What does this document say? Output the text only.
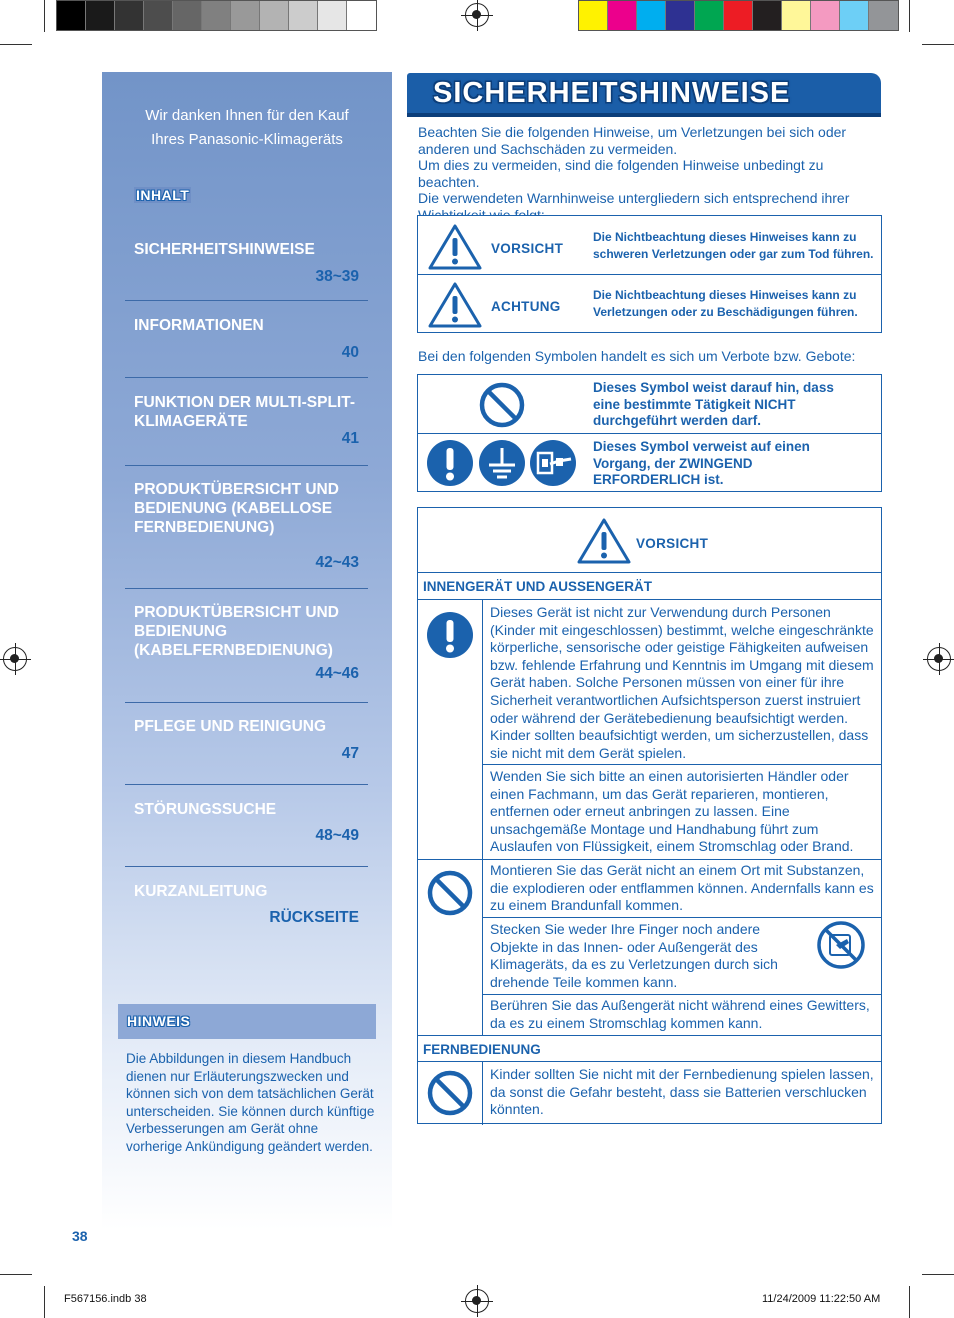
Wir danken Ihnen für den Kauf
Ihres Panasonic-Klimageräts
INHALT
SICHERHEITSHINWEISE
38~39
INFORMATIONEN
40
FUNKTION DER MULTI-SPLIT-KLIMAGERÄTE
41
PRODUKTÜBERSICHT UND BEDIENUNG (KABELLOSE FERNBEDIENUNG)
42~43
PRODUKTÜBERSICHT UND BEDIENUNG (KABELFERNBEDIENUNG)
44~46
PFLEGE UND REINIGUNG
47
STÖRUNGSSUCHE
48~49
KURZANLEITUNG
RÜCKSEITE
HINWEIS
Die Abbildungen in diesem Handbuch dienen nur Erläuterungszwecken und können sich von dem tatsächlichen Gerät unterscheiden. Sie können durch künftige Verbesserungen am Gerät ohne vorherige Ankündigung geändert werden.
38
F567156.indb 38	11/24/2009 11:22:50 AM
SICHERHEITSHINWEISE

Beachten Sie die folgenden Hinweise, um Verletzungen bei sich oder anderen und Sachschäden zu vermeiden.

Um dies zu vermeiden, sind die folgenden Hinweise unbedingt zu beachten.

Die verwendeten Warnhinweise untergliedern sich entsprechend ihrer

VORSICHT
Die Nichtbeachtung dieses Hinweises kann zu schweren Verletzungen oder gar zum Tod führen.
ACHTUNG
Die Nichtbeachtung dieses Hinweises kann zu Verletzungen oder zu Beschädigungen führen.
Bei den folgenden Symbolen handelt es sich um Verbote bzw. Gebote:
Dieses Symbol weist darauf hin, dass eine bestimmte Tätigkeit NICHT durchgeführt werden darf.
Dieses Symbol verweist auf einen Vorgang, der ZWINGEND ERFORDERLICH ist.
VORSICHT
INNENGERÄT UND AUSSENGERÄT
Dieses Gerät ist nicht zur Verwendung durch Personen (Kinder mit eingeschlossen) bestimmt, welche eingeschränkte körperliche, sensorische oder geistige Fähigkeiten aufweisen bzw. fehlende Erfahrung und Kenntnis im Umgang mit diesem Gerät haben. Solche Personen müssen von einer für ihre Sicherheit verantwortlichen Aufsichtsperson zuerst instruiert oder während der Gerätebedienung beaufsichtigt werden. Kinder sollten beaufsichtigt werden, um sicherzustellen, dass sie nicht mit dem Gerät spielen.
Wenden Sie sich bitte an einen autorisierten Händler oder einen Fachmann, um das Gerät reparieren, montieren, entfernen oder erneut anbringen zu lassen. Eine unsachgemäße Montage und Handhabung führt zum Auslaufen von Flüssigkeit, einem Stromschlag oder Brand.
Montieren Sie das Gerät nicht an einem Ort mit Substanzen, die explodieren oder entflammen können. Andernfalls kann es zu einem Brandunfall kommen.
Stecken Sie weder Ihre Finger noch andere Objekte in das Innen- oder Außengerät des Klimageräts, da es zu Verletzungen durch sich drehende Teile kommen kann.
Berühren Sie das Außengerät nicht während eines Gewitters, da es zu einem Stromschlag kommen kann.
FERNBEDIENUNG
Kinder sollten Sie nicht mit der Fernbedienung spielen lassen, da sonst die Gefahr besteht, dass sie Batterien verschlucken könnten.
